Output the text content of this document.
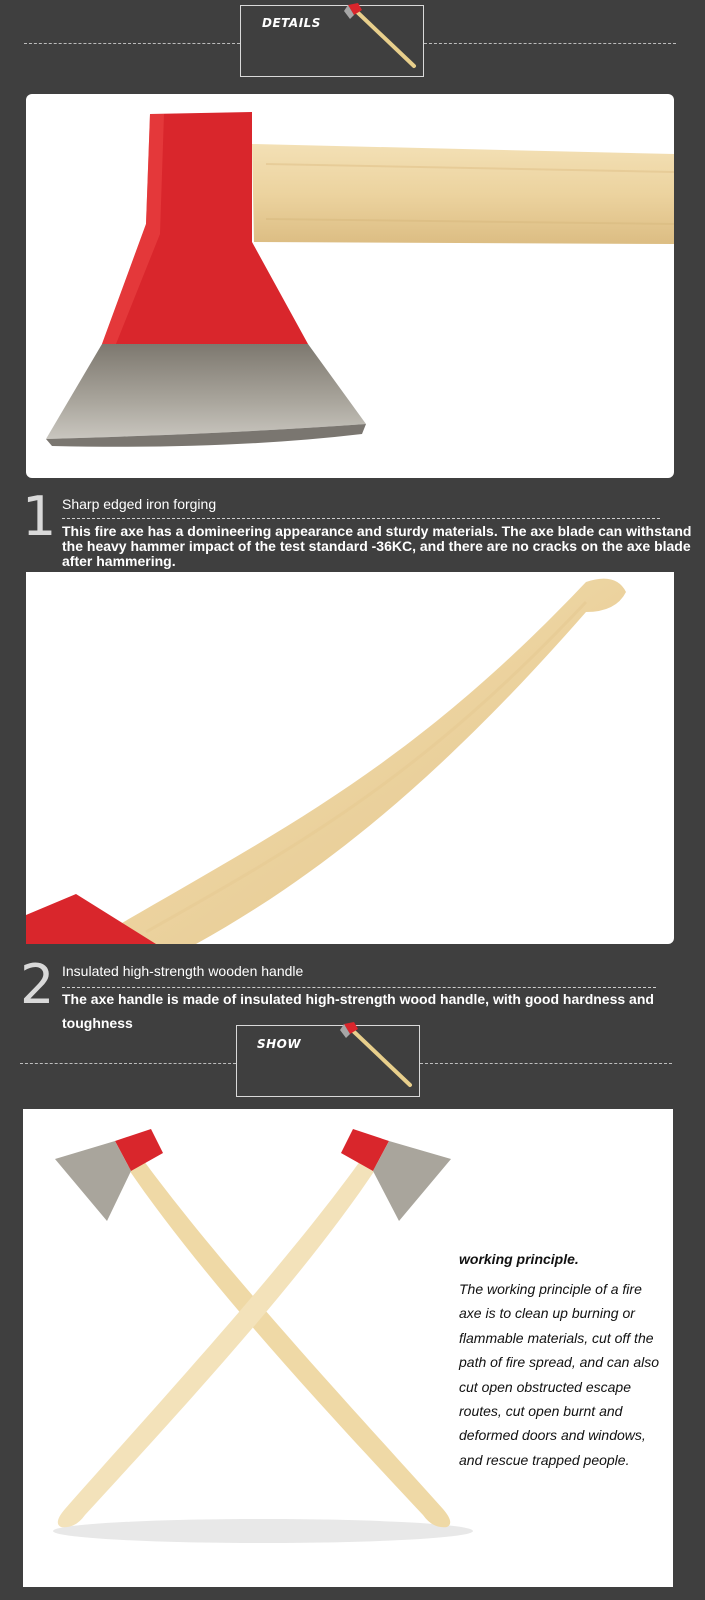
DETAILS
1 Sharp edged iron forging
This fire axe has a domineering appearance and sturdy materials. The axe blade can withstand the heavy hammer impact of the test standard -36KC, and there are no cracks on the axe blade after hammering.
2 Insulated high-strength wooden handle
The axe handle is made of insulated high-strength wood handle, with good hardness and toughness
SHOW
working principle.
The working principle of a fire axe is to clean up burning or flammable materials, cut off the path of fire spread, and can also cut open obstructed escape routes, cut open burnt and deformed doors and windows, and rescue trapped people.
